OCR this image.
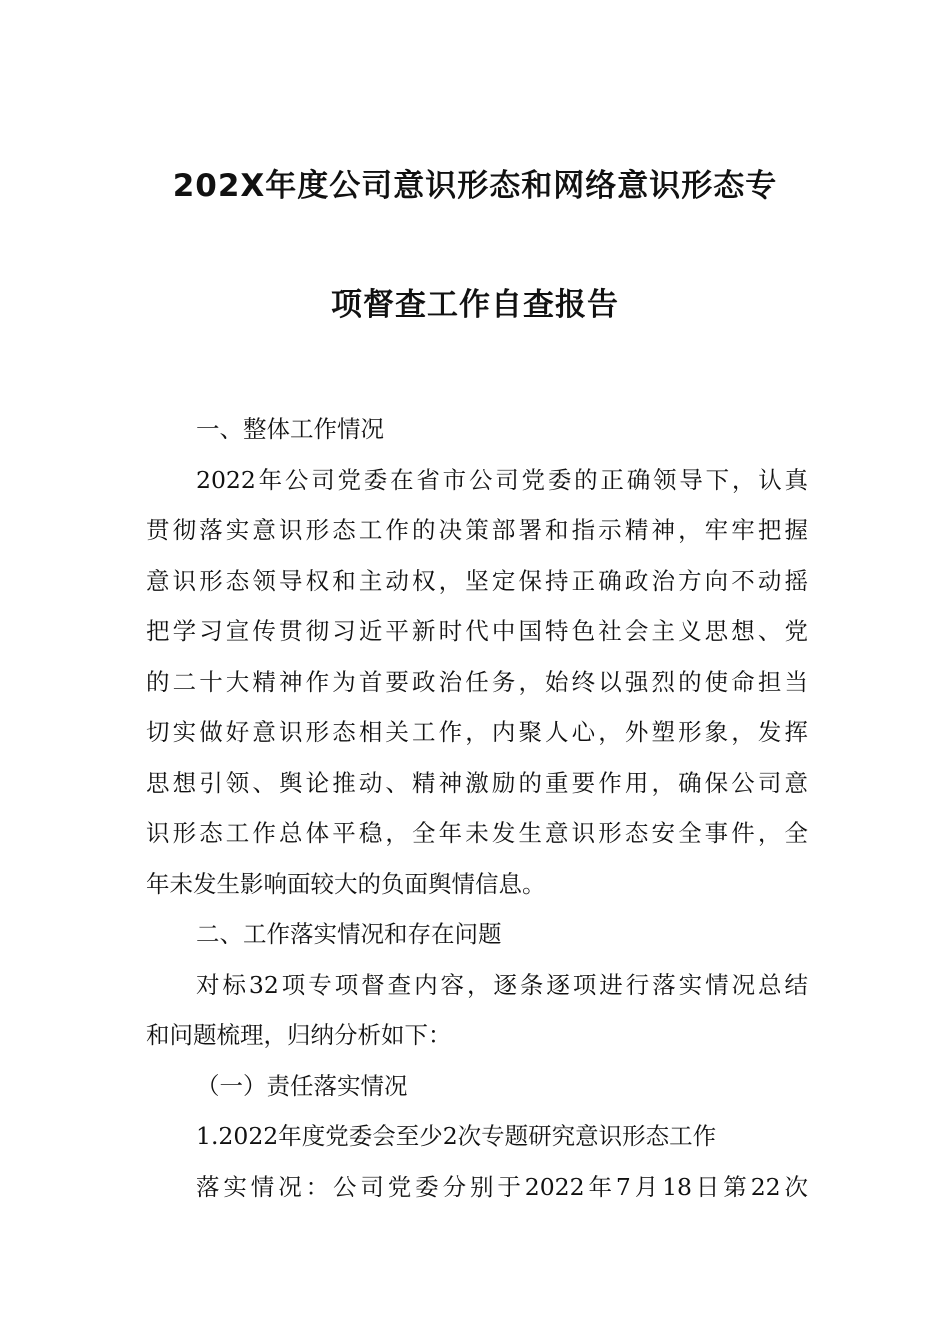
202X年度公司意识形态和网络意识形态专
项督查工作自查报告
一、整体工作情况
2022年公司党委在省市公司党委的正确领导下，认真
贯彻落实意识形态工作的决策部署和指示精神，牢牢把握
意识形态领导权和主动权，坚定保持正确政治方向不动摇
把学习宣传贯彻习近平新时代中国特色社会主义思想、党
的二十大精神作为首要政治任务，始终以强烈的使命担当
切实做好意识形态相关工作，内聚人心，外塑形象，发挥
思想引领、舆论推动、精神激励的重要作用，确保公司意
识形态工作总体平稳，全年未发生意识形态安全事件，全
年未发生影响面较大的负面舆情信息。
二、工作落实情况和存在问题
对标32项专项督查内容，逐条逐项进行落实情况总结
和问题梳理，归纳分析如下：
（一）责任落实情况
1.2022年度党委会至少2次专题研究意识形态工作
落实情况：公司党委分别于2022年7月18日第22次
